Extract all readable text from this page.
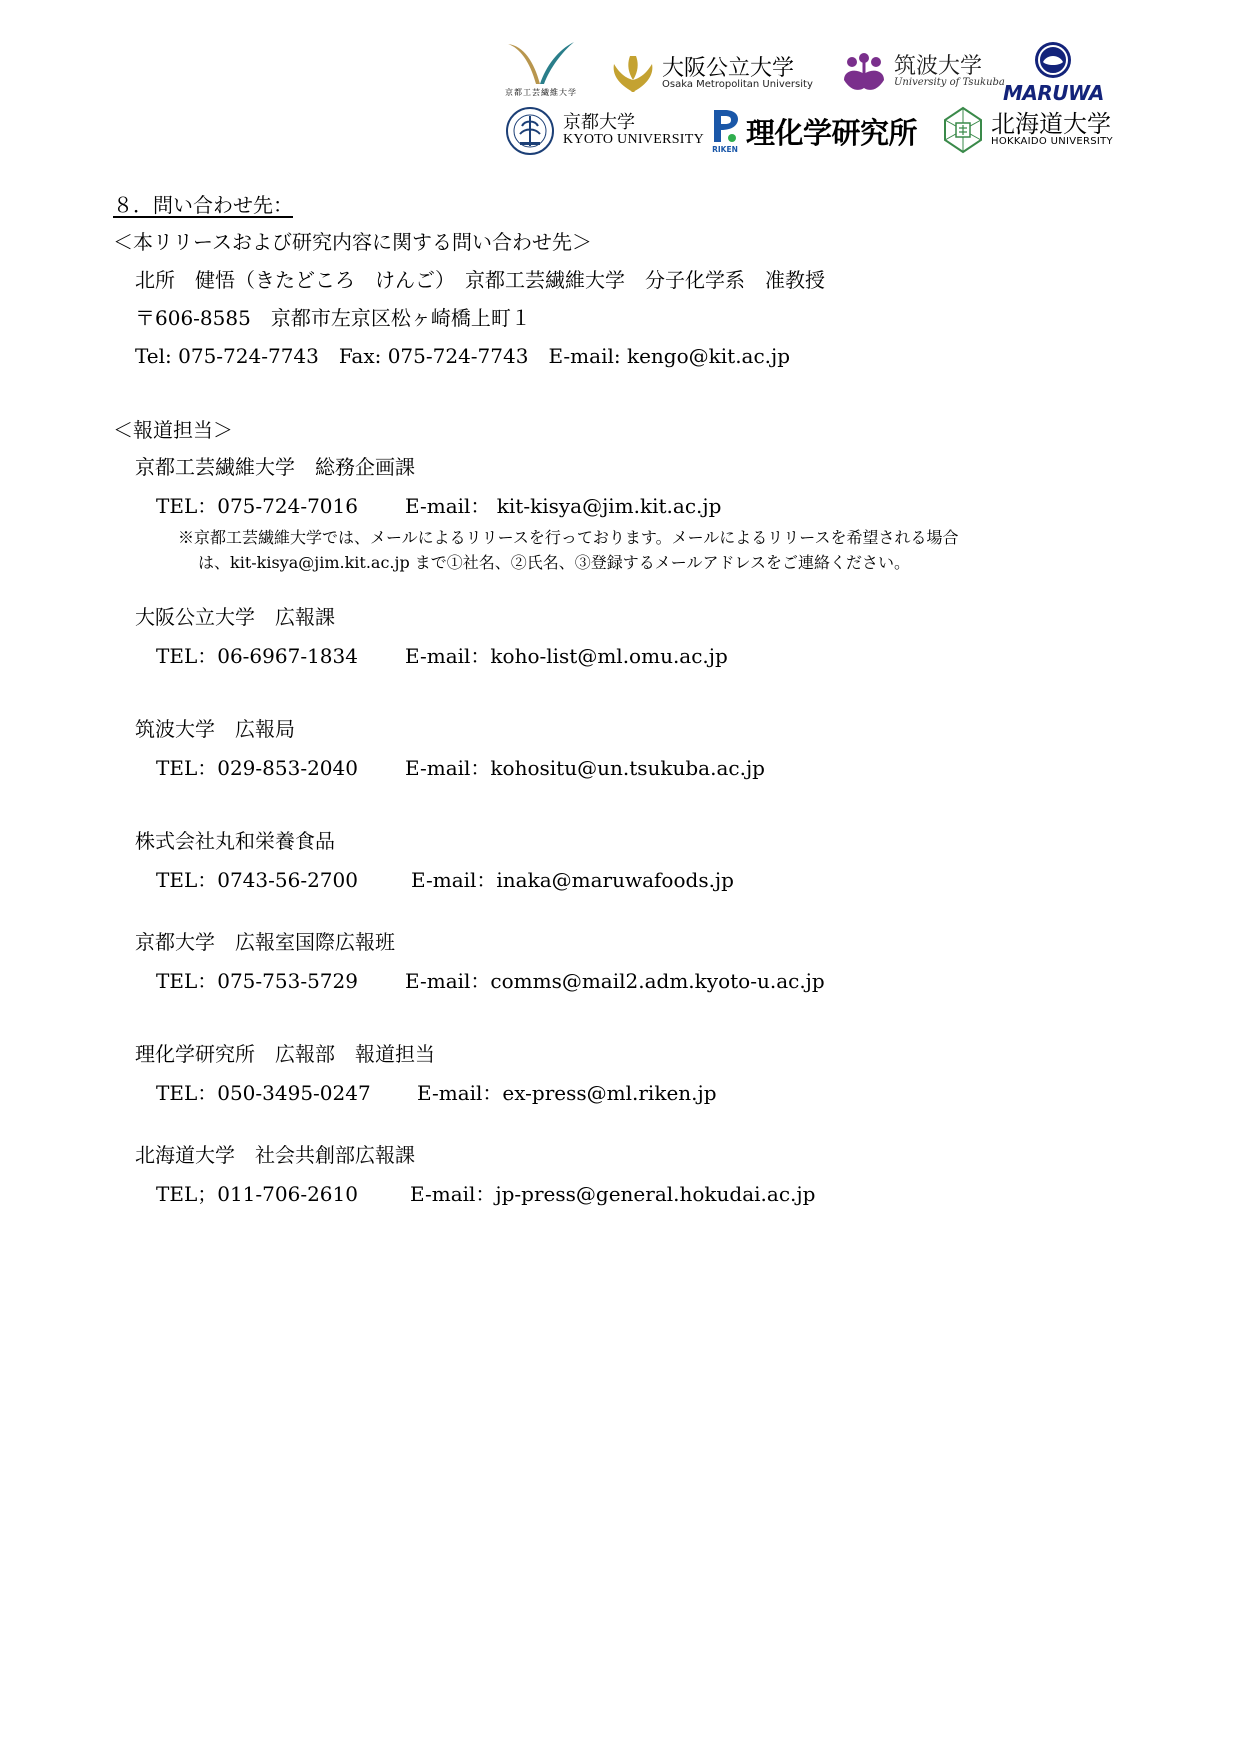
京都工芸繊維大学
大阪公立大学
Osaka Metropolitan University
筑波大学
University of Tsukuba
MARUWA
京都大学
KYOTO UNIVERSITY
RIKEN 理化学研究所	北海道大学
HOKKAIDO UNIVERSITY
８．問い合わせ先：
＜本リリースおよび研究内容に関する問い合わせ先＞
北所　健悟（きたどころ　けんご）　京都工芸繊維大学　分子化学系　准教授
〒606-8585　京都市左京区松ヶ崎橋上町１
Tel: 075-724-7743　Fax: 075-724-7743　E-mail: kengo@kit.ac.jp
＜報道担当＞
京都工芸繊維大学　総務企画課
TEL：075-724-7016 E-mail： kit-kisya@jim.kit.ac.jp
※京都工芸繊維大学では、メールによるリリースを行っております。メールによるリリースを希望される場合
は、kit-kisya@jim.kit.ac.jp まで①社名、②氏名、③登録するメールアドレスをご連絡ください。
大阪公立大学　広報課
TEL：06-6967-1834 E-mail：koho-list@ml.omu.ac.jp
筑波大学　広報局
TEL：029-853-2040 E-mail：kohositu@un.tsukuba.ac.jp
株式会社丸和栄養食品
TEL：0743-56-2700	E-mail：inaka@maruwafoods.jp
京都大学　広報室国際広報班
TEL：075-753-5729 E-mail：comms@mail2.adm.kyoto-u.ac.jp
理化学研究所　広報部　報道担当
TEL：050-3495-0247 E-mail：ex-press@ml.riken.jp
北海道大学　社会共創部広報課
TEL；011-706-2610	E-mail：jp-press@general.hokudai.ac.jp
